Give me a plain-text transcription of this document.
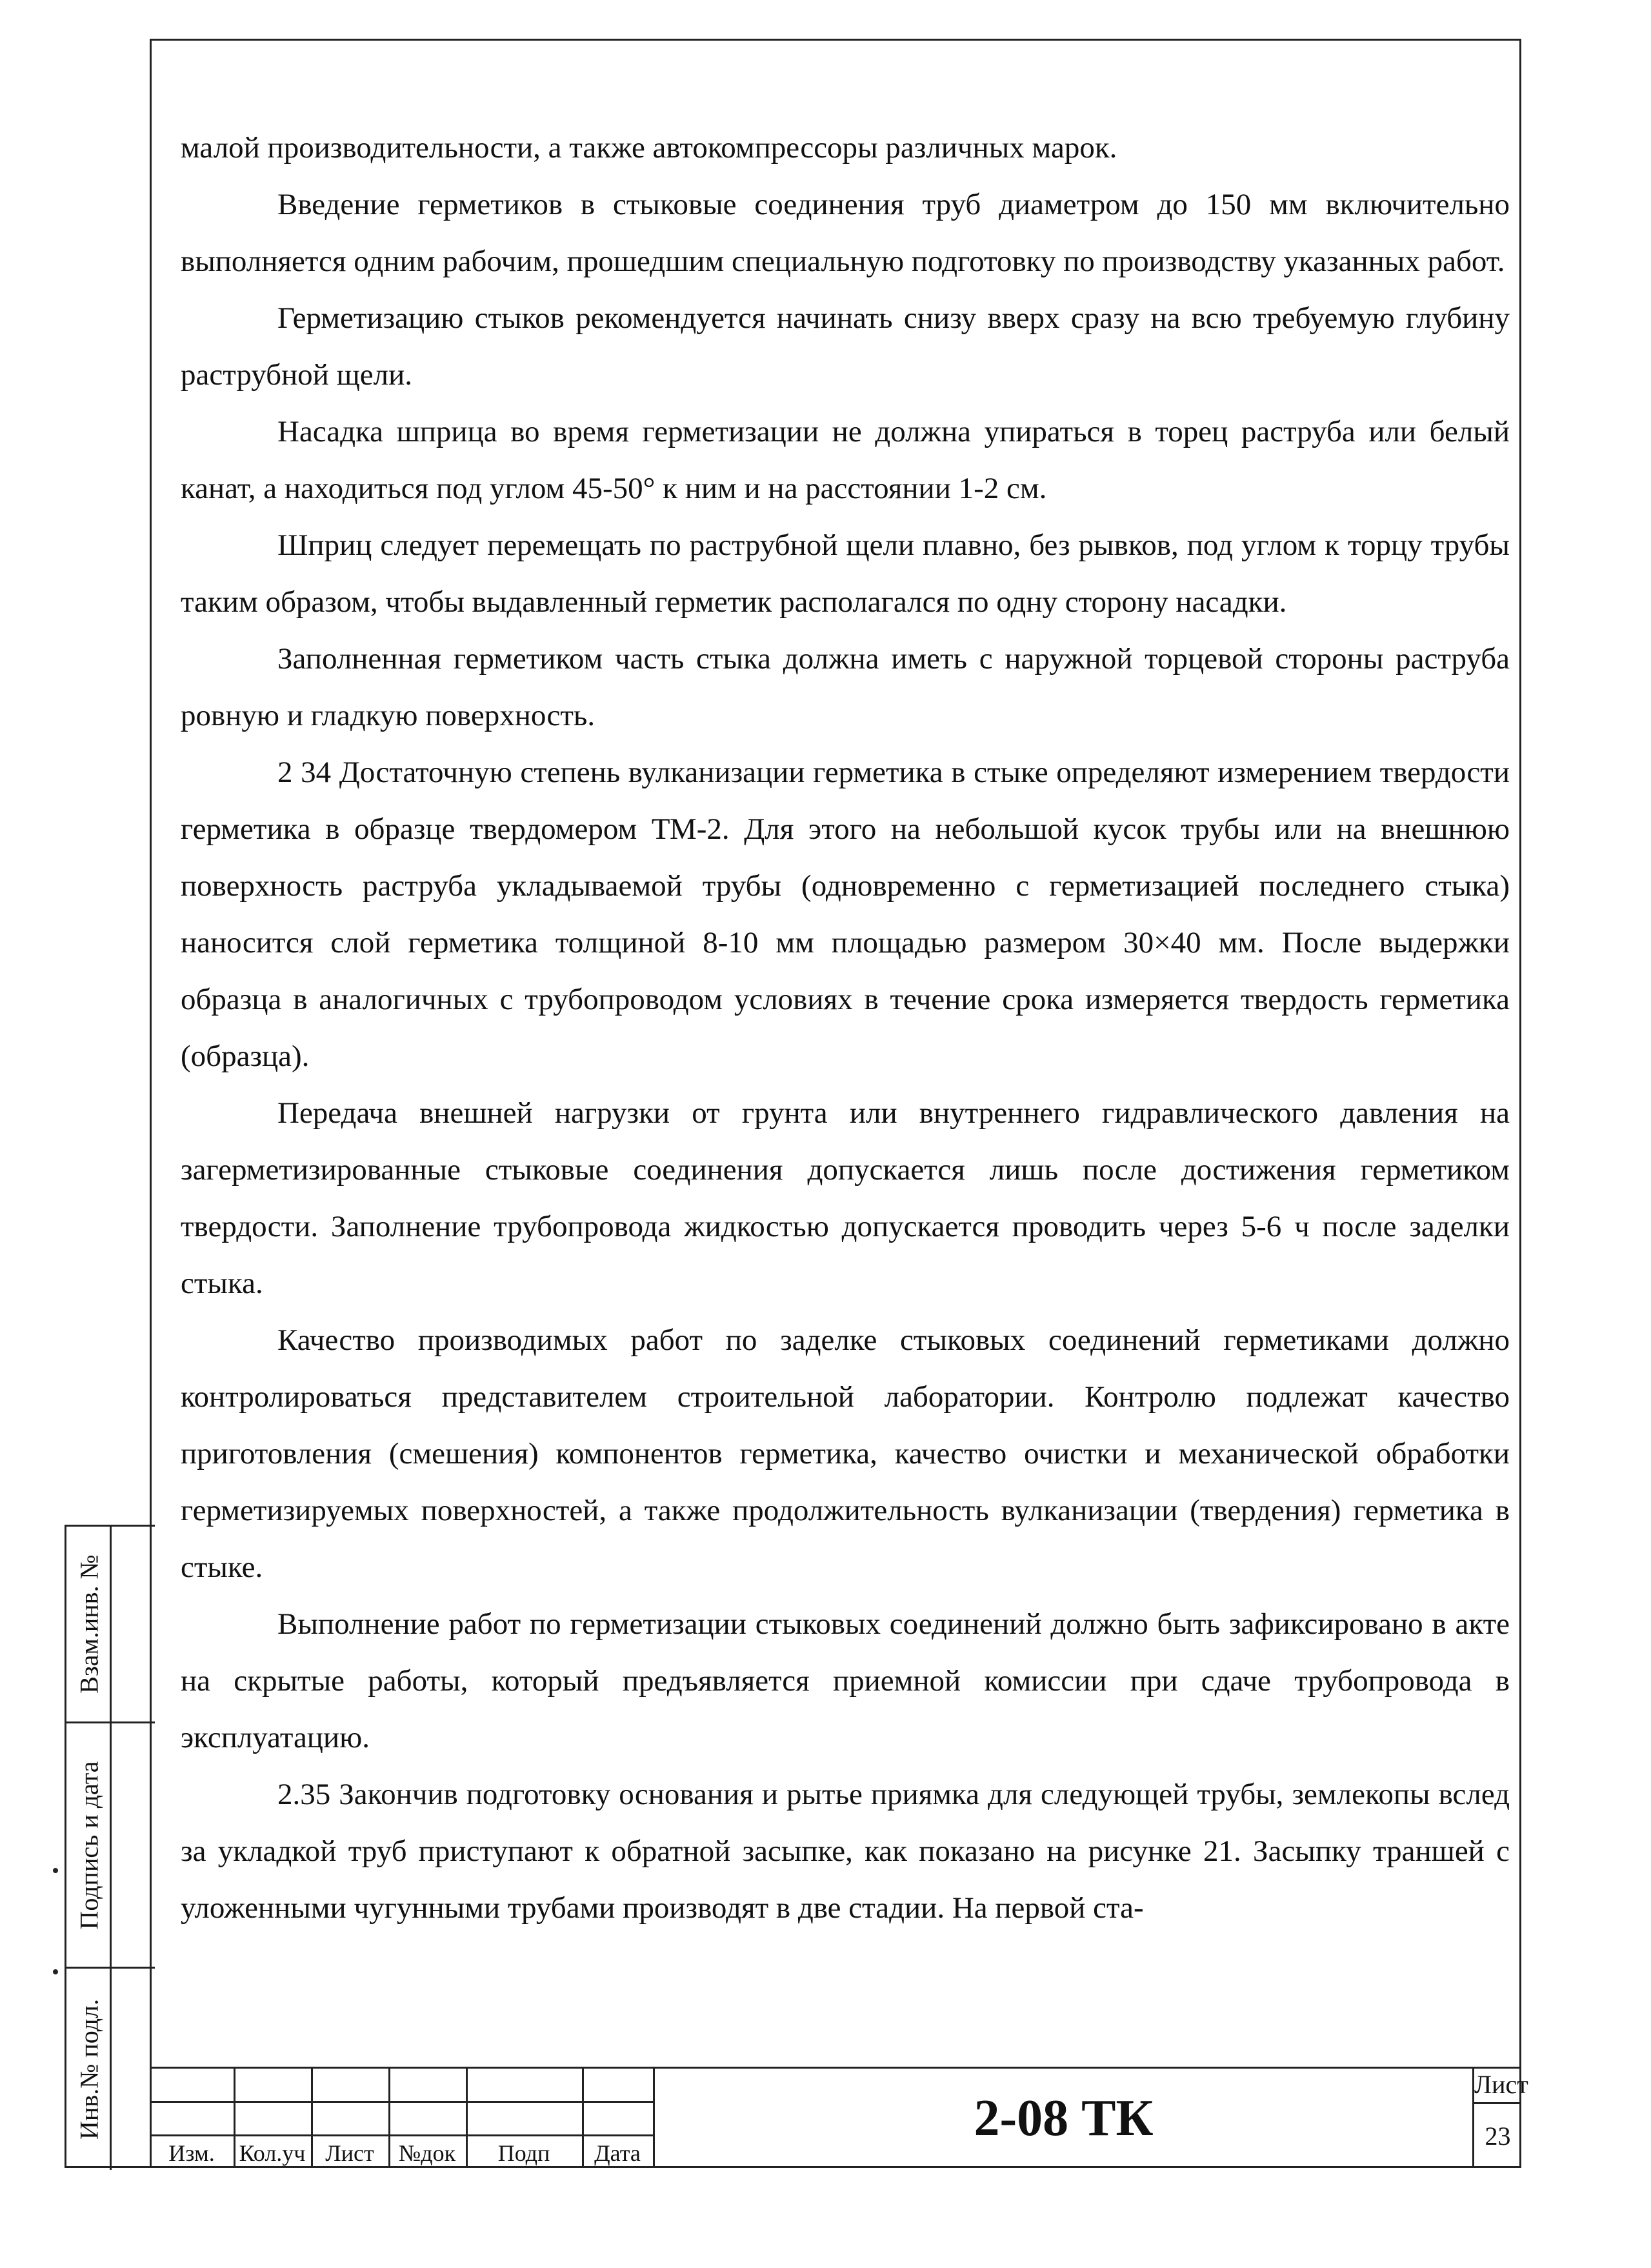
малой производительности, а также автокомпрессоры различных марок.

Введение герметиков в стыковые соединения труб диаметром до 150 мм включительно выполняется одним рабочим, прошедшим специальную подготовку по производству указанных работ.

Герметизацию стыков рекомендуется начинать снизу вверх сразу на всю требуемую глубину раструбной щели.

Насадка шприца во время герметизации не должна упираться в торец раструба или белый канат, а находиться под углом 45-50° к ним и на расстоянии 1-2 см.

Шприц следует перемещать по раструбной щели плавно, без рывков, под углом к торцу трубы таким образом, чтобы выдавленный герметик располагался по одну сторону насадки.

Заполненная герметиком часть стыка должна иметь с наружной торцевой стороны раструба ровную и гладкую поверхность.

2 34 Достаточную степень вулканизации герметика в стыке определяют измерением твердости герметика в образце твердомером ТМ-2. Для этого на небольшой кусок трубы или на внешнюю поверхность раструба укладываемой трубы (одновременно с герметизацией последнего стыка) наносится слой герметика толщиной 8-10 мм площадью размером 30×40 мм. После выдержки образца в аналогичных с трубопроводом условиях в течение срока измеряется твердость герметика (образца).

Передача внешней нагрузки от грунта или внутреннего гидравлического давления на загерметизированные стыковые соединения допускается лишь после достижения герметиком твердости. Заполнение трубопровода жидкостью допускается проводить через 5-6 ч после заделки стыка.

Качество производимых работ по заделке стыковых соединений герметиками должно контролироваться представителем строительной лаборатории. Контролю подлежат качество приготовления (смешения) компонентов герметика, качество очистки и механической обработки герметизируемых поверхностей, а также продолжительность вулканизации (твердения) герметика в стыке.

Выполнение работ по герметизации стыковых соединений должно быть зафиксировано в акте на скрытые работы, который предъявляется приемной комиссии при сдаче трубопровода в эксплуатацию.

2.35 Закончив подготовку основания и рытье приямка для следующей трубы, землекопы вслед за укладкой труб приступают к обратной засыпке, как показано на рисунке 21. Засыпку траншей с уложенными чугунными трубами производят в две стадии. На первой ста-

Взам.инв. №
Подпись и дата
Инв.№ подл.
Изм.	Кол.уч Лист	№док	Подп	Дата
2-08 ТК
Лист
23
